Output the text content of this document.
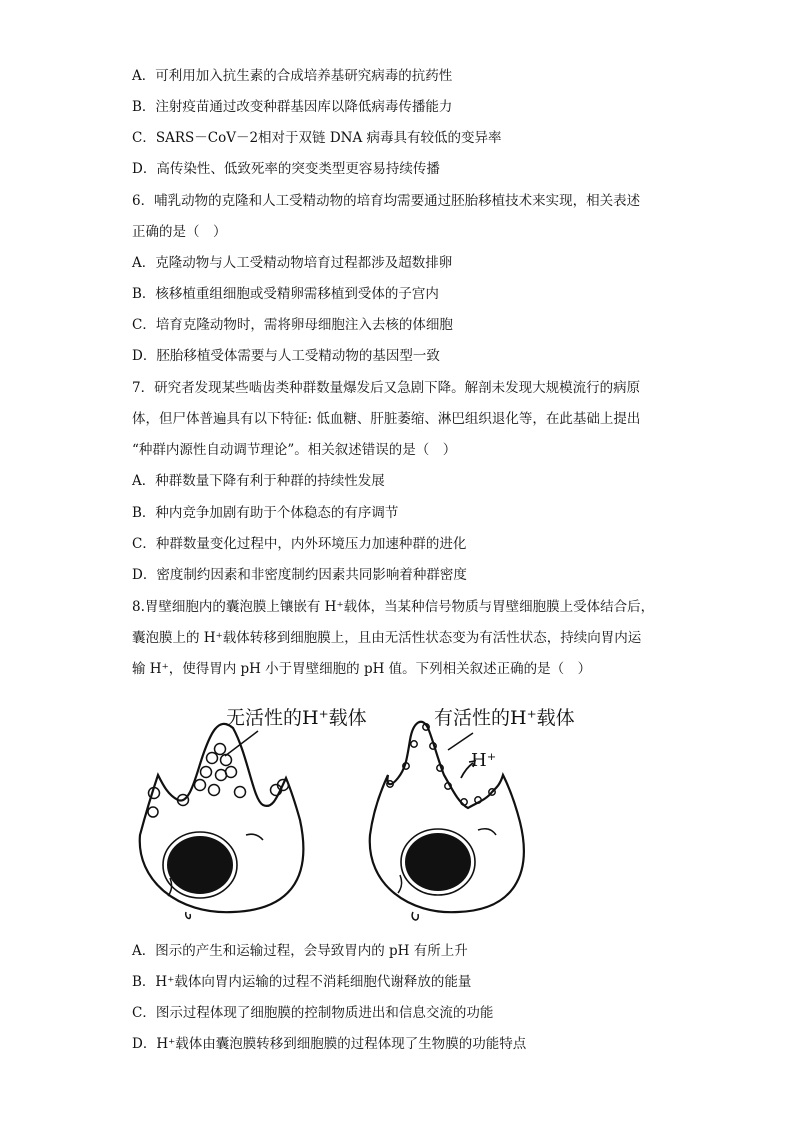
A．可利用加入抗生素的合成培养基研究病毒的抗药性
B．注射疫苗通过改变种群基因库以降低病毒传播能力
C．SARS－CoV－2相对于双链 DNA 病毒具有较低的变异率
D．高传染性、低致死率的突变类型更容易持续传播
6．哺乳动物的克隆和人工受精动物的培育均需要通过胚胎移植技术来实现，相关表述
正确的是（　）
A．克隆动物与人工受精动物培育过程都涉及超数排卵
B．核移植重组细胞或受精卵需移植到受体的子宫内
C．培育克隆动物时，需将卵母细胞注入去核的体细胞
D．胚胎移植受体需要与人工受精动物的基因型一致
7．研究者发现某些啮齿类种群数量爆发后又急剧下降。解剖未发现大规模流行的病原
体，但尸体普遍具有以下特征: 低血糖、肝脏萎缩、淋巴组织退化等，在此基础上提出
“种群内源性自动调节理论”。相关叙述错误的是（　）
A．种群数量下降有利于种群的持续性发展
B．种内竞争加剧有助于个体稳态的有序调节
C．种群数量变化过程中，内外环境压力加速种群的进化
D．密度制约因素和非密度制约因素共同影响着种群密度
8.胃壁细胞内的囊泡膜上镶嵌有 H⁺载体，当某种信号物质与胃壁细胞膜上受体结合后，
囊泡膜上的 H⁺载体转移到细胞膜上，且由无活性状态变为有活性状态，持续向胃内运
输 H⁺，使得胃内 pH 小于胃壁细胞的 pH 值。下列相关叙述正确的是（　）
无活性的H⁺载体	有活性的H⁺载体
H⁺
A．图示的产生和运输过程，会导致胃内的 pH 有所上升
B．H⁺载体向胃内运输的过程不消耗细胞代谢释放的能量
C．图示过程体现了细胞膜的控制物质进出和信息交流的功能
D．H⁺载体由囊泡膜转移到细胞膜的过程体现了生物膜的功能特点
